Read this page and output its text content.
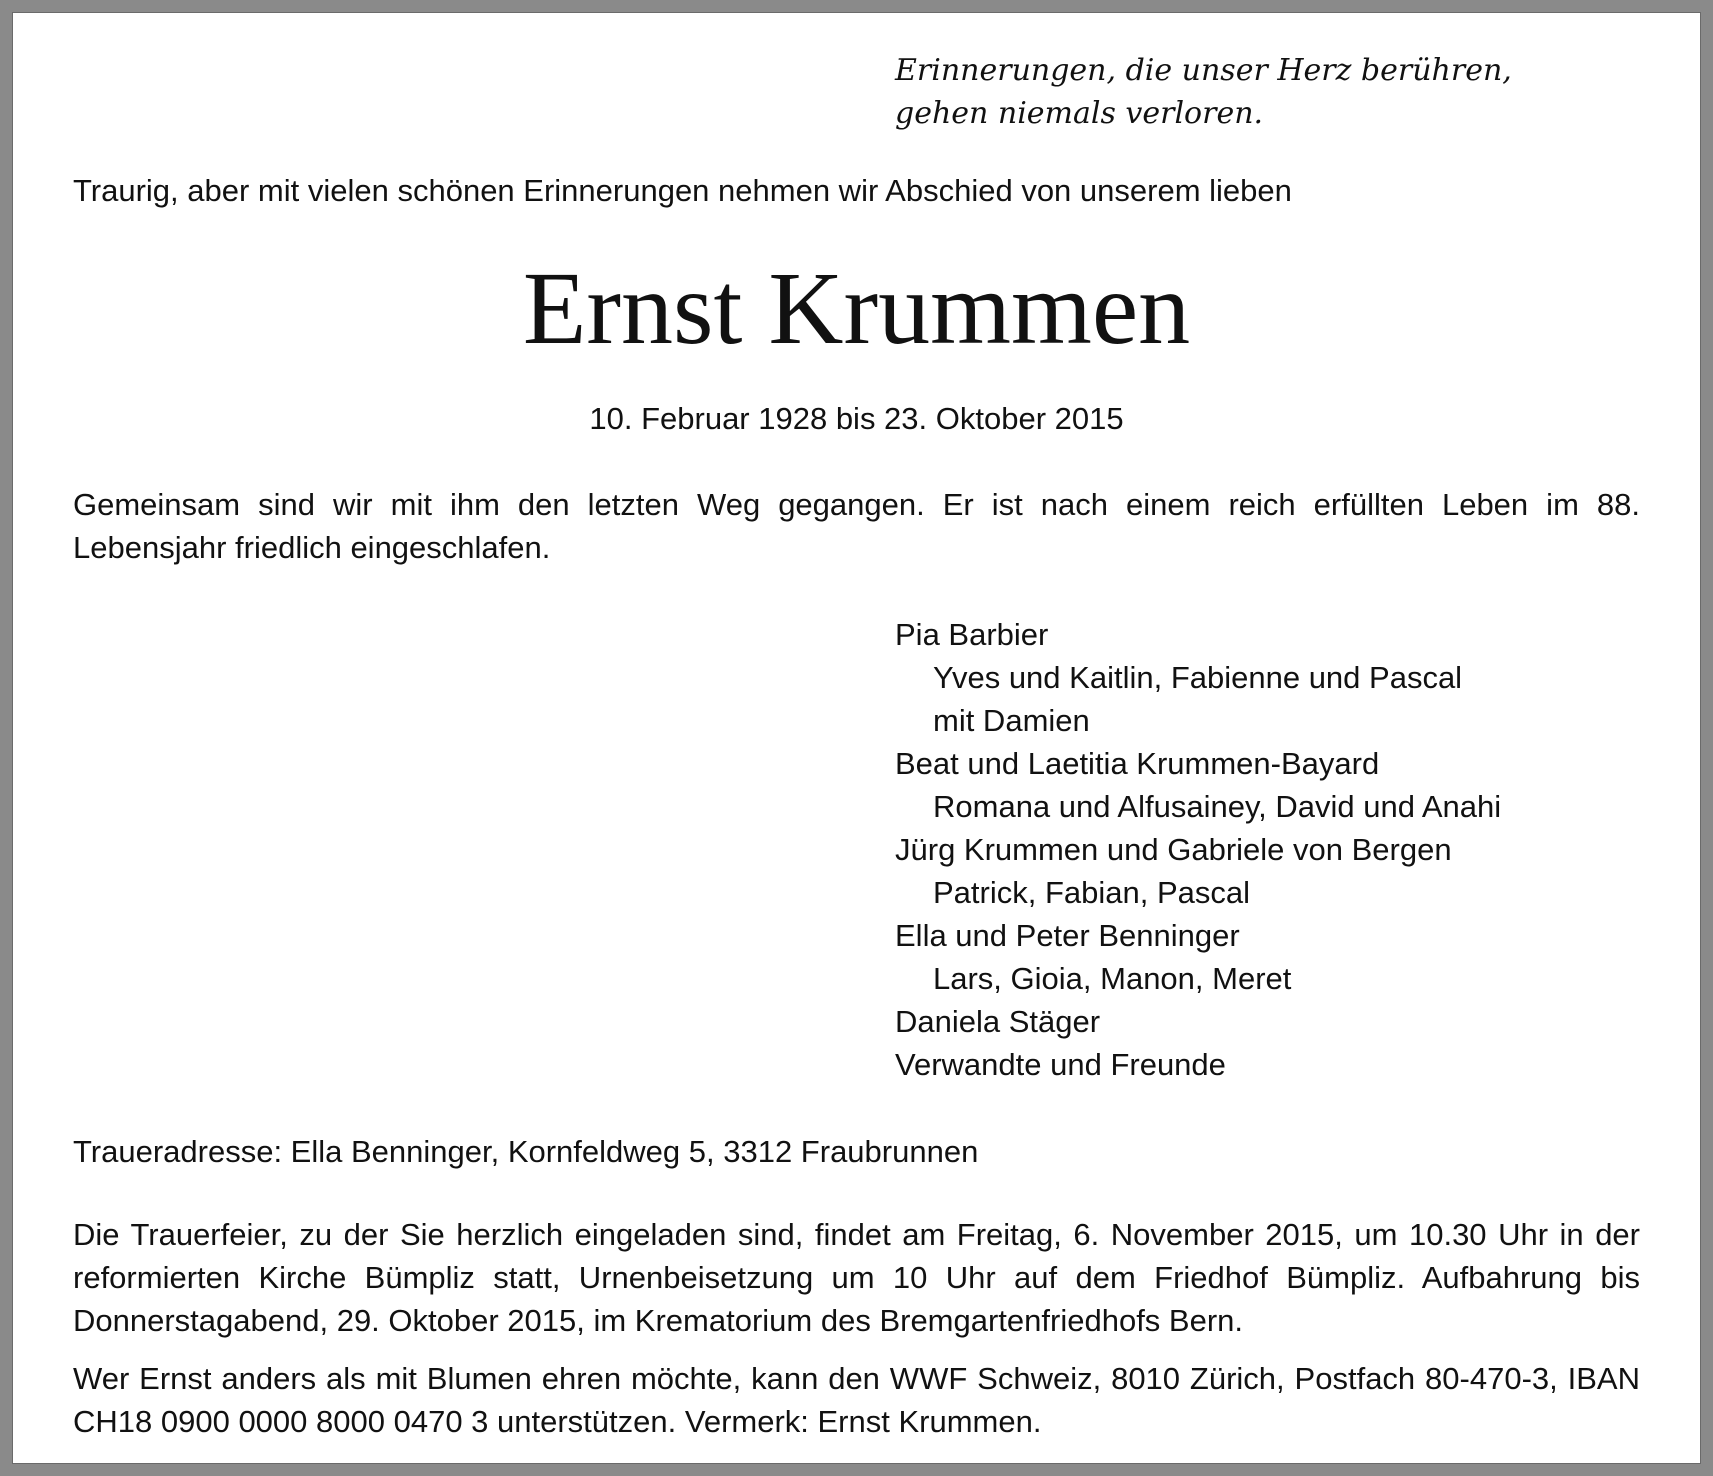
Erinnerungen, die unser Herz berühren,
gehen niemals verloren.

Traurig, aber mit vielen schönen Erinnerungen nehmen wir Abschied von unserem lieben

Ernst Krummen

10. Februar 1928 bis 23. Oktober 2015

Gemeinsam sind wir mit ihm den letzten Weg gegangen. Er ist nach einem reich erfüllten Leben im 88. Lebensjahr friedlich eingeschlafen.

Pia Barbier
Yves und Kaitlin, Fabienne und Pascal
mit Damien
Beat und Laetitia Krummen-Bayard
Romana und Alfusainey, David und Anahi
Jürg Krummen und Gabriele von Bergen
Patrick, Fabian, Pascal
Ella und Peter Benninger
Lars, Gioia, Manon, Meret
Daniela Stäger
Verwandte und Freunde

Traueradresse: Ella Benninger, Kornfeldweg 5, 3312 Fraubrunnen

Die Trauerfeier, zu der Sie herzlich eingeladen sind, findet am Freitag, 6. November 2015, um 10.30 Uhr in der reformierten Kirche Bümpliz statt, Urnenbeisetzung um 10 Uhr auf dem Friedhof Bümpliz. Aufbahrung bis Donnerstagabend, 29. Oktober 2015, im Krematorium des Bremgartenfriedhofs Bern.

Wer Ernst anders als mit Blumen ehren möchte, kann den WWF Schweiz, 8010 Zürich, Postfach 80-470-3, IBAN CH18 0900 0000 8000 0470 3 unterstützen. Vermerk: Ernst Krummen.
